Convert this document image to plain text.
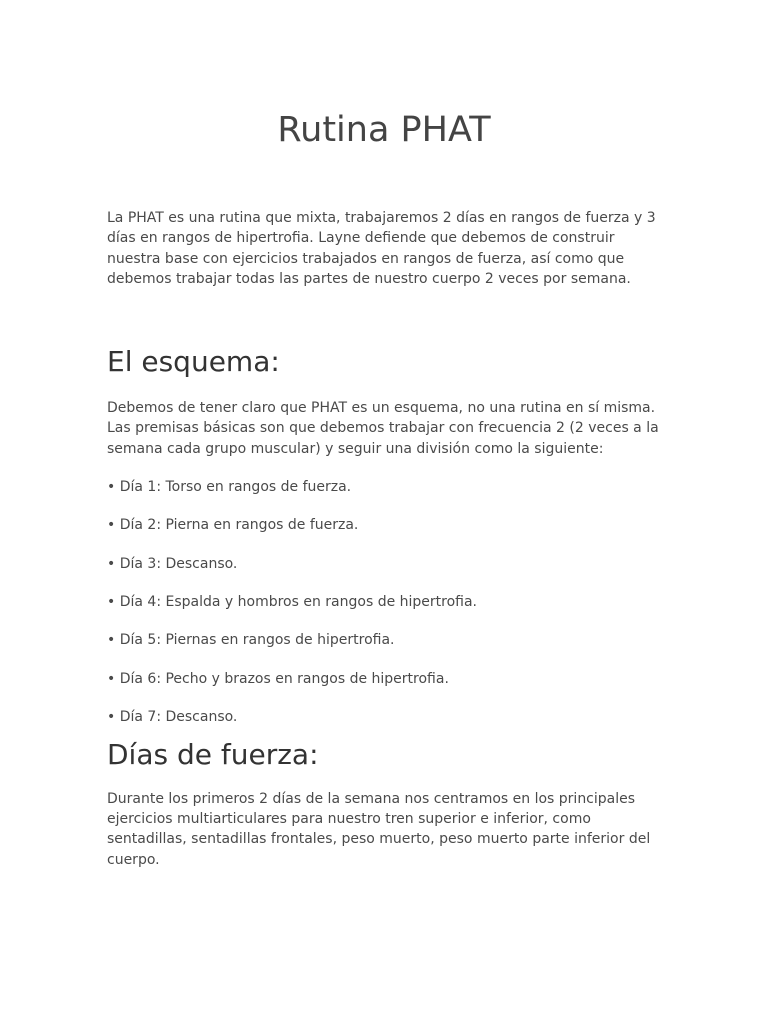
Rutina PHAT

La PHAT es una rutina que mixta, trabajaremos 2 días en rangos de fuerza y 3 días en rangos de hipertrofia. Layne defiende que debemos de construir nuestra base con ejercicios trabajados en rangos de fuerza, así como que debemos trabajar todas las partes de nuestro cuerpo 2 veces por semana.

El esquema:

Debemos de tener claro que PHAT es un esquema, no una rutina en sí misma. Las premisas básicas son que debemos trabajar con frecuencia 2 (2 veces a la semana cada grupo muscular) y seguir una división como la siguiente:

• Día 1: Torso en rangos de fuerza.
• Día 2: Pierna en rangos de fuerza.
• Día 3: Descanso.
• Día 4: Espalda y hombros en rangos de hipertrofia.
• Día 5: Piernas en rangos de hipertrofia.
• Día 6: Pecho y brazos en rangos de hipertrofia.
• Día 7: Descanso.
Días de fuerza:

Durante los primeros 2 días de la semana nos centramos en los principales ejercicios multiarticulares para nuestro tren superior e inferior, como sentadillas, sentadillas frontales, peso muerto, peso muerto parte inferior del cuerpo.
